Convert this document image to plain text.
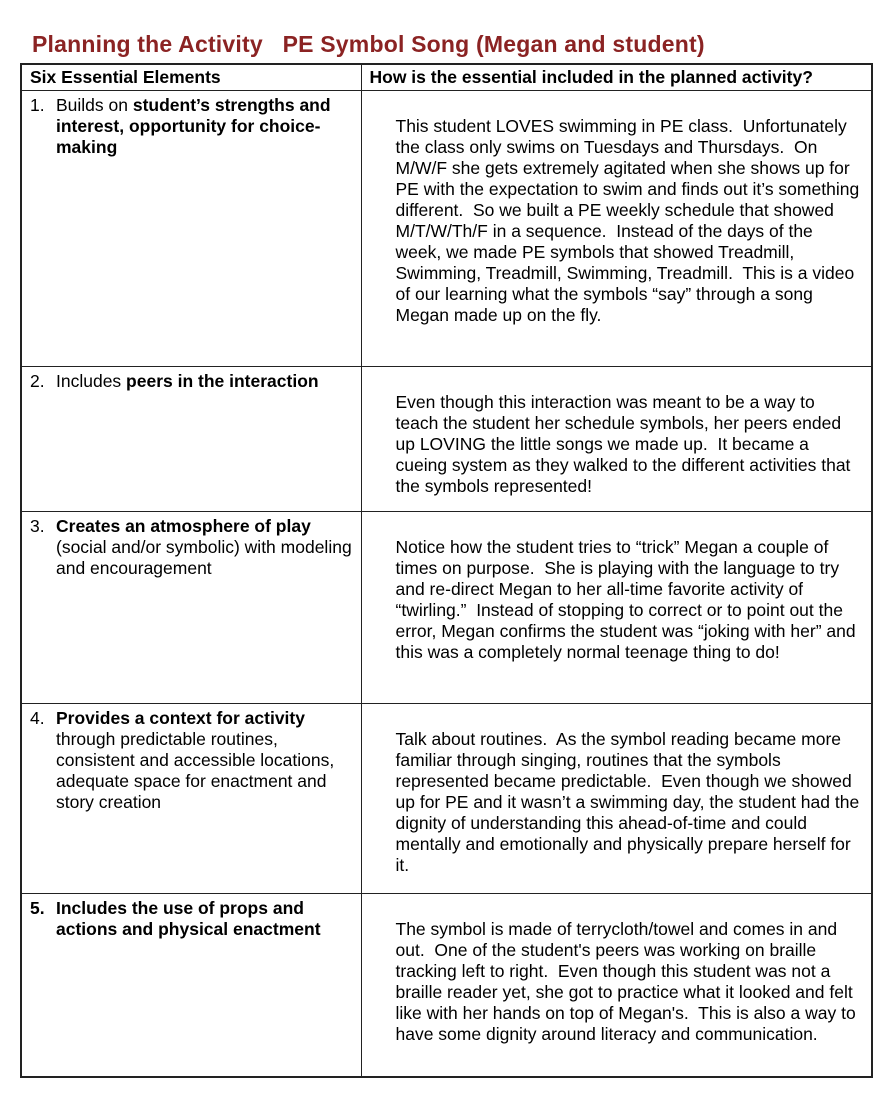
Planning the Activity   PE Symbol Song (Megan and student)
Six Essential Elements	How is the essential included in the planned activity?

1. Builds on student’s strengths and interest, opportunity for choice-making	This student LOVES swimming in PE class.  Unfortunately the class only swims on Tuesdays and Thursdays.  On M/W/F she gets extremely agitated when she shows up for PE with the expectation to swim and finds out it’s something different.  So we built a PE weekly schedule that showed M/T/W/Th/F in a sequence.  Instead of the days of the week, we made PE symbols that showed Treadmill, Swimming, Treadmill, Swimming, Treadmill.  This is a video of our learning what the symbols “say” through a song  Megan made up on the fly.

2. Includes peers in the interaction	Even though this interaction was meant to be a way to teach the student her schedule symbols, her peers ended up LOVING the little songs we made up.  It became a cueing system as they walked to the different activities that the symbols represented!

3. Creates an atmosphere of play (social and/or symbolic) with modeling and encouragement	Notice how the student tries to “trick” Megan a couple of times on purpose.  She is playing with the language to try and re-direct Megan to her all-time favorite activity of “twirling.”  Instead of stopping to correct or to point out the error, Megan confirms the student was “joking with her” and this was a completely normal teenage thing to do!

4. Provides a context for activity through predictable routines, consistent and accessible locations, adequate space for enactment and story creation	Talk about routines.  As the symbol reading became more familiar through singing, routines that the symbols represented became predictable.  Even though we showed up for PE and it wasn’t a swimming day, the student had the dignity of understanding this ahead-of-time and could mentally and emotionally and physically prepare herself for it.

5. Includes the use of props and actions and physical enactment	The symbol is made of terrycloth/towel and comes in and out.  One of the student's peers was working on braille tracking left to right.  Even though this student was not a braille reader yet, she got to practice what it looked and felt like with her hands on top of Megan's.  This is also a way to have some dignity around literacy and communication.
